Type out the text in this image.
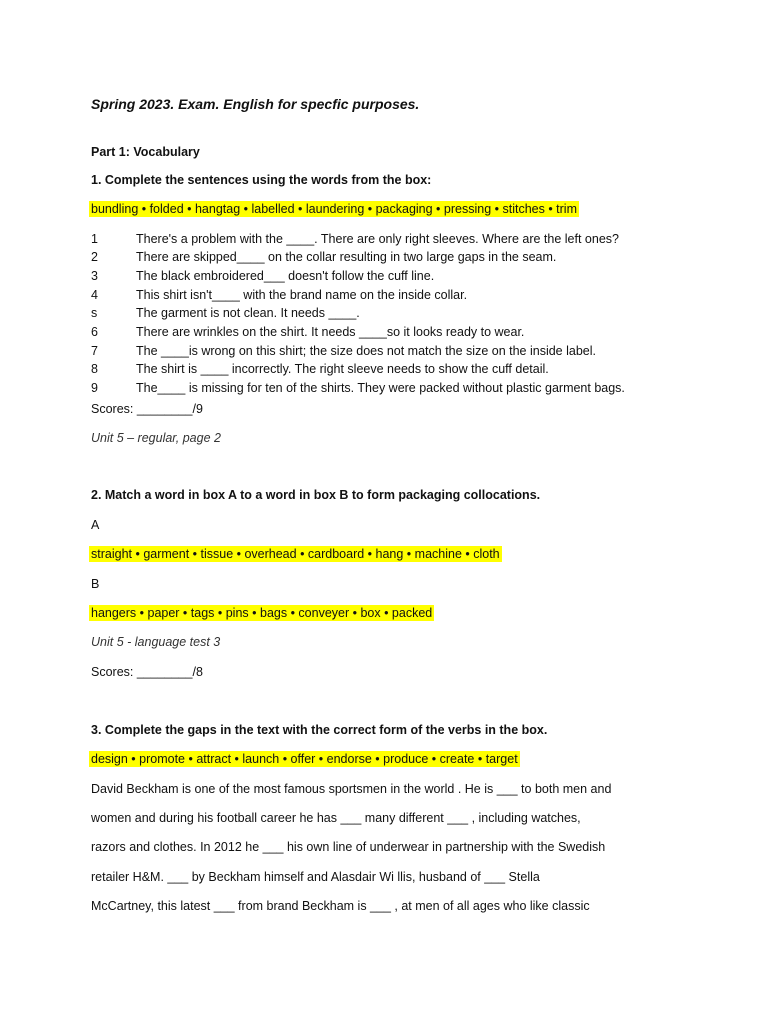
Spring 2023. Exam. English for specfic purposes.
Part 1: Vocabulary
1. Complete the sentences using the words from the box:
bundling • folded • hangtag • labelled • laundering • packaging • pressing • stitches • trim
1	There's a problem with the ____. There are only right sleeves. Where are the left ones?
2	There are skipped____ on the collar resulting in two large gaps in the seam.
3	The black embroidered___ doesn't follow the cuff line.
4	This shirt isn't____ with the brand name on the inside collar.
s	The garment is not clean. It needs ____.
6	There are wrinkles on the shirt. It needs ____so it looks ready to wear.
7	The ____is wrong on this shirt; the size does not match the size on the inside label.
8	The shirt is ____ incorrectly. The right sleeve needs to show the cuff detail.
9	The____ is missing for ten of the shirts. They were packed without plastic garment bags.
Scores: ________/9
Unit 5 – regular, page 2
2. Match a word in box A to a word in box B to form packaging collocations.
A
straight • garment • tissue • overhead • cardboard • hang • machine • cloth
B
hangers • paper • tags • pins • bags • conveyer • box • packed
Unit 5 - language test 3
Scores: ________/8
3. Complete the gaps in the text with the correct form of the verbs in the box.
design • promote • attract • launch • offer • endorse • produce • create • target
David Beckham is one of the most famous sportsmen in the world . He is ___ to both men and
women and during his football career he has ___ many different ___ , including watches,
razors and clothes. In 2012 he ___ his own line of underwear in partnership with the Swedish
retailer H&M. ___ by Beckham himself and Alasdair Wi llis, husband of ___ Stella
McCartney, this latest ___ from brand Beckham is ___ , at men of all ages who like classic
